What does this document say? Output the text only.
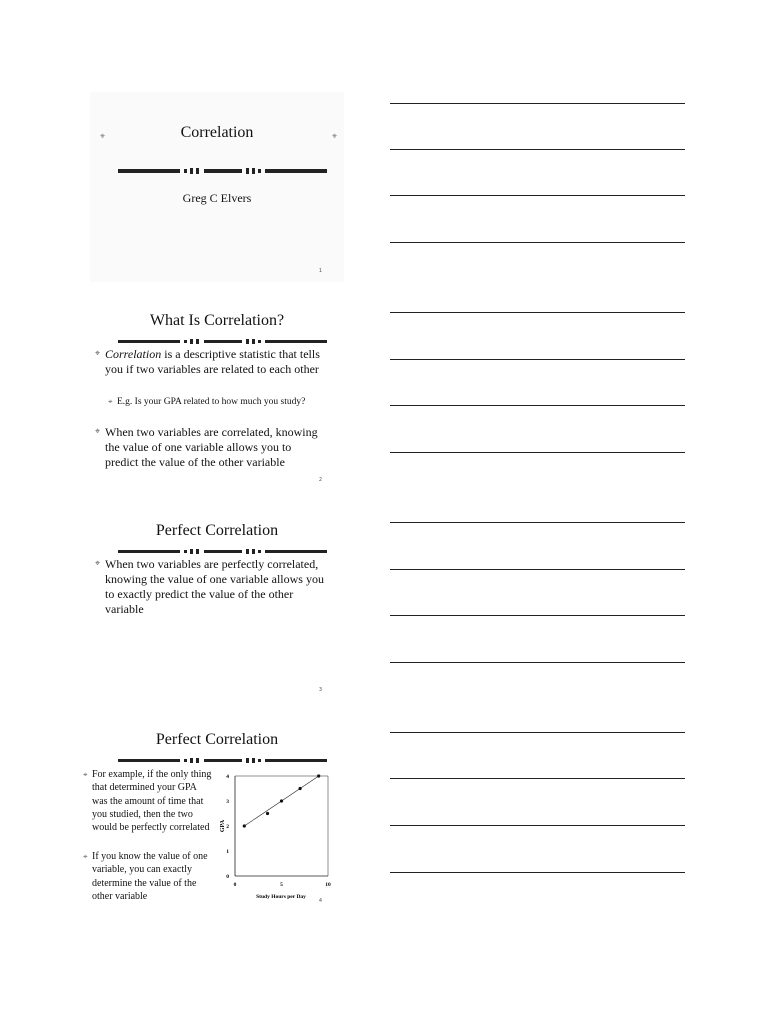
⌖	⌖
Correlation
Greg C Elvers
1
What Is Correlation?
⌖ Correlation is a descriptive statistic that tells you if two variables are related to each other
⌖ E.g. Is your GPA related to how much you study?
⌖ When two variables are correlated, knowing the value of one variable allows you to predict the value of the other variable
2
Perfect Correlation
⌖ When two variables are perfectly correlated, knowing the value of one variable allows you to exactly predict the value of the other variable
3
Perfect Correlation
⌖ For example, if the only thing that determined your GPA was the amount of time that you studied, then the two would be perfectly correlated
⌖ If you know the value of one variable, you can exactly determine the value of the other variable
0
1
2
3
4
0	5	10
GPA
Study Hours per Day
4
